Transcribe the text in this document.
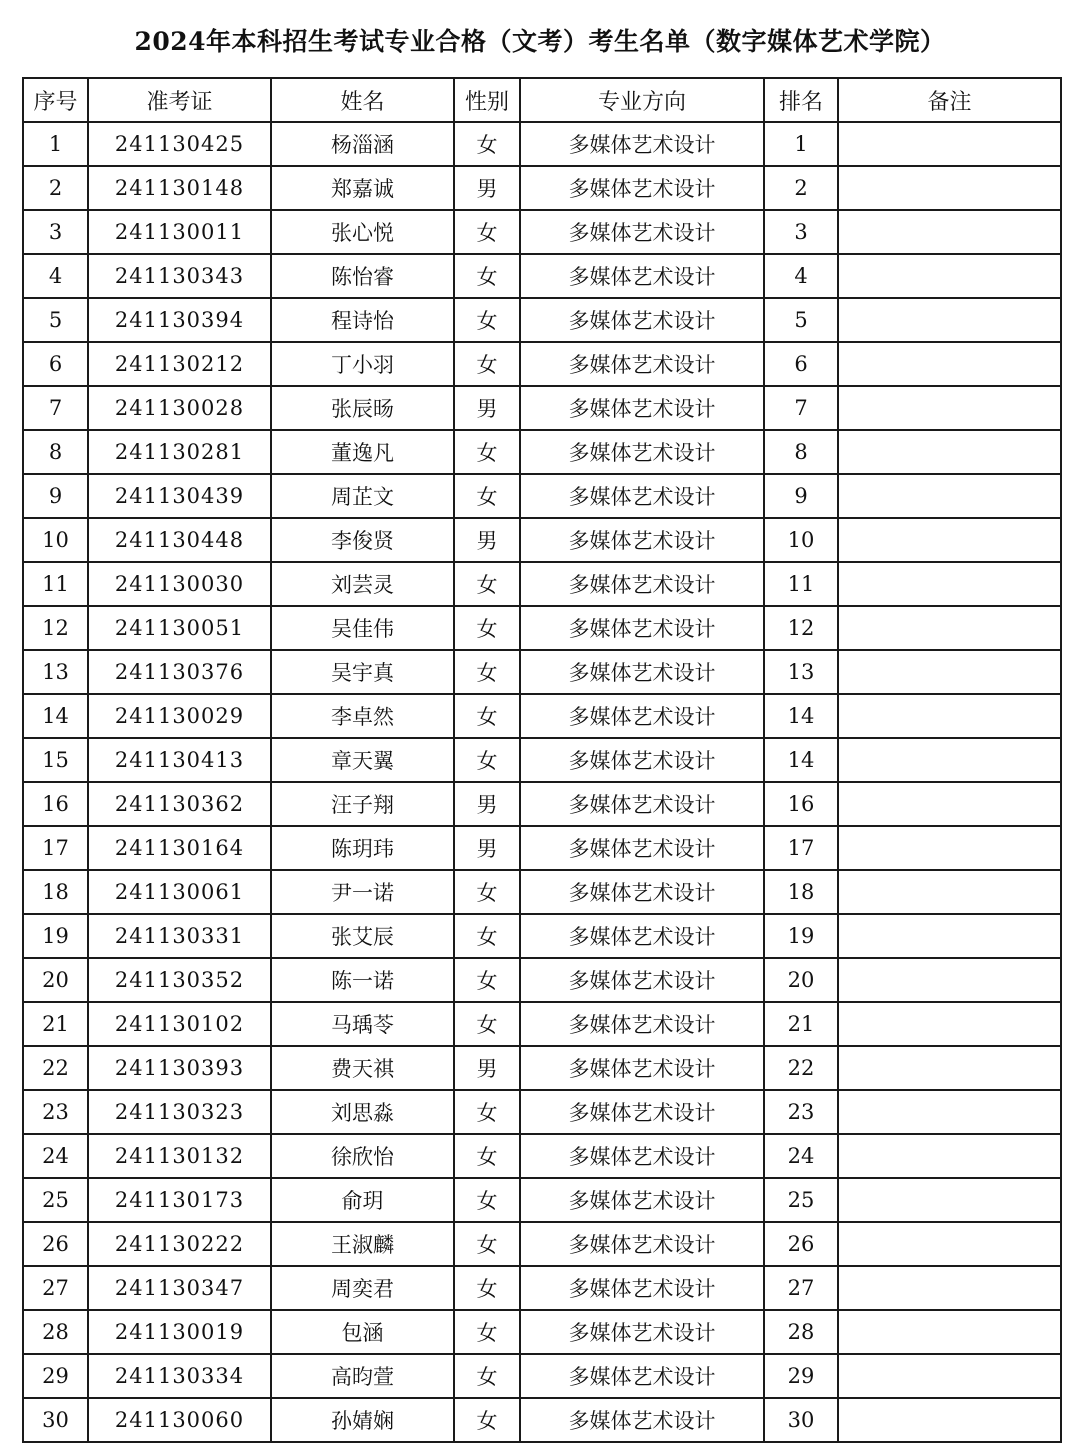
2024年本科招生考试专业合格（文考）考生名单（数字媒体艺术学院）
序号	准考证	姓名	性别	专业方向	排名	备注
1	241130425	杨淄涵	女	多媒体艺术设计	1	
2	241130148	郑嘉诚	男	多媒体艺术设计	2	
3	241130011	张心悦	女	多媒体艺术设计	3	
4	241130343	陈怡睿	女	多媒体艺术设计	4	
5	241130394	程诗怡	女	多媒体艺术设计	5	
6	241130212	丁小羽	女	多媒体艺术设计	6	
7	241130028	张辰旸	男	多媒体艺术设计	7	
8	241130281	董逸凡	女	多媒体艺术设计	8	
9	241130439	周芷文	女	多媒体艺术设计	9	
10	241130448	李俊贤	男	多媒体艺术设计	10	
11	241130030	刘芸灵	女	多媒体艺术设计	11	
12	241130051	吴佳伟	女	多媒体艺术设计	12	
13	241130376	吴宇真	女	多媒体艺术设计	13	
14	241130029	李卓然	女	多媒体艺术设计	14	
15	241130413	章天翼	女	多媒体艺术设计	14	
16	241130362	汪子翔	男	多媒体艺术设计	16	
17	241130164	陈玥玮	男	多媒体艺术设计	17	
18	241130061	尹一诺	女	多媒体艺术设计	18	
19	241130331	张艾辰	女	多媒体艺术设计	19	
20	241130352	陈一诺	女	多媒体艺术设计	20	
21	241130102	马瑀苓	女	多媒体艺术设计	21	
22	241130393	费天祺	男	多媒体艺术设计	22	
23	241130323	刘思淼	女	多媒体艺术设计	23	
24	241130132	徐欣怡	女	多媒体艺术设计	24	
25	241130173	俞玥	女	多媒体艺术设计	25	
26	241130222	王淑麟	女	多媒体艺术设计	26	
27	241130347	周奕君	女	多媒体艺术设计	27	
28	241130019	包涵	女	多媒体艺术设计	28	
29	241130334	高昀萱	女	多媒体艺术设计	29	
30	241130060	孙婧娴	女	多媒体艺术设计	30	
